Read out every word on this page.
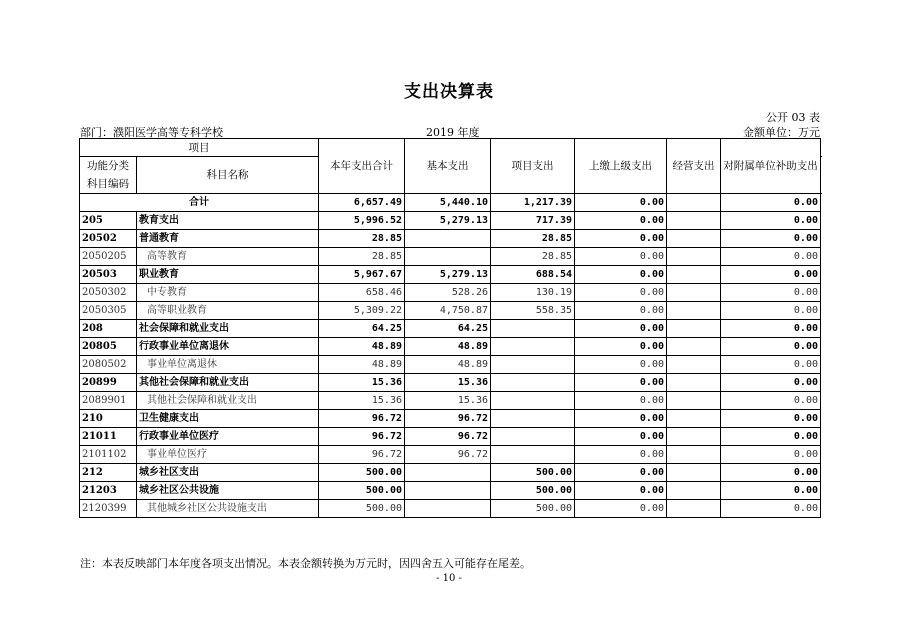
支出决算表
公开 03 表
部门：濮阳医学高等专科学校	2019 年度	金额单位：万元
项目		本年支出合计	基本支出	项目支出	上缴上级支出	经营支出	对附属单位补助支出	
功能分类科目编码	科目名称							

合计		6,657.49	5,440.10	1,217.39	0.00		0.00	
205	教育支出	5,996.52	5,279.13	717.39	0.00		0.00	
20502	普通教育	28.85		28.85	0.00		0.00	
2050205	高等教育	28.85		28.85	0.00		0.00	
20503	职业教育	5,967.67	5,279.13	688.54	0.00		0.00	
2050302	中专教育	658.46	528.26	130.19	0.00		0.00	
2050305	高等职业教育	5,309.22	4,750.87	558.35	0.00		0.00	
208	社会保障和就业支出	64.25	64.25		0.00		0.00	
20805	行政事业单位离退休	48.89	48.89		0.00		0.00	
2080502	事业单位离退休	48.89	48.89		0.00		0.00	
20899	其他社会保障和就业支出	15.36	15.36		0.00		0.00	
2089901	其他社会保障和就业支出	15.36	15.36		0.00		0.00	
210	卫生健康支出	96.72	96.72		0.00		0.00	
21011	行政事业单位医疗	96.72	96.72		0.00		0.00	
2101102	事业单位医疗	96.72	96.72		0.00		0.00	
212	城乡社区支出	500.00		500.00	0.00		0.00	
21203	城乡社区公共设施	500.00		500.00	0.00		0.00	
2120399	其他城乡社区公共设施支出	500.00		500.00	0.00		0.00	
注：本表反映部门本年度各项支出情况。本表金额转换为万元时，因四舍五入可能存在尾差。
- 10 -
